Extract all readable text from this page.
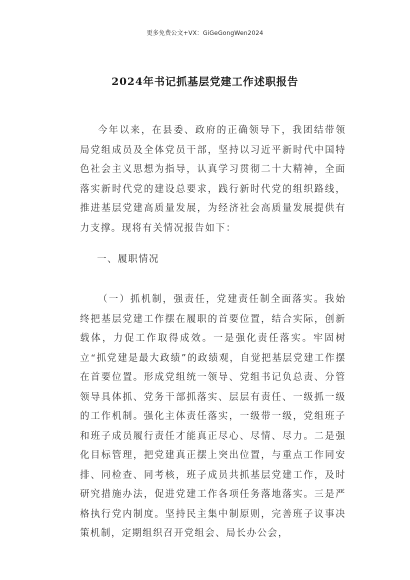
更多免费公文+VX：GiGeGongWen2024
2024年书记抓基层党建工作述职报告
今年以来，在县委、政府的正确领导下，我团结带领局党组成员及全体党员干部，坚持以习近平新时代中国特色社会主义思想为指导，认真学习贯彻二十大精神，全面落实新时代党的建设总要求，践行新时代党的组织路线，推进基层党建高质量发展，为经济社会高质量发展提供有力支撑。现将有关情况报告如下：
一、履职情况
（一）抓机制，强责任，党建责任制全面落实。我始终把基层党建工作摆在履职的首要位置，结合实际，创新载体，力促工作取得成效。一是强化责任落实。牢固树立“抓党建是最大政绩”的政绩观，自觉把基层党建工作摆在首要位置。形成党组统一领导、党组书记负总责、分管领导具体抓、党务干部抓落实、层层有责任、一级抓一级的工作机制。强化主体责任落实，一级带一级，党组班子和班子成员履行责任才能真正尽心、尽情、尽力。二是强化目标管理，把党建真正摆上突出位置，与重点工作同安排、同检查、同考核，班子成员共抓基层党建工作，及时研究措施办法，促进党建工作各项任务落地落实。三是严格执行党内制度。坚持民主集中制原则，完善班子议事决策机制，定期组织召开党组会、局长办公会，
